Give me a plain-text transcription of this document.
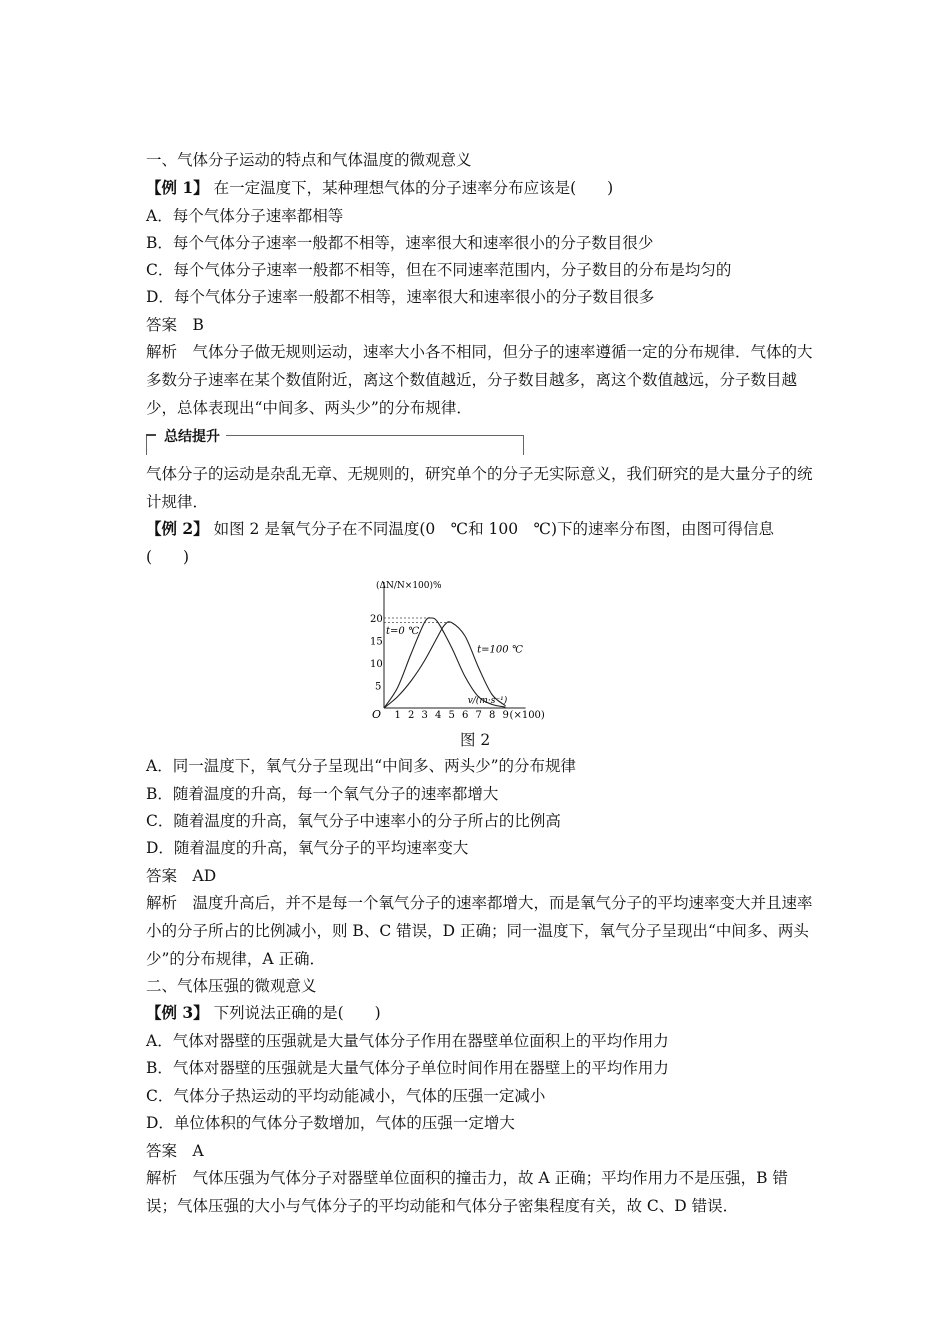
一、气体分子运动的特点和气体温度的微观意义
【例 1】 在一定温度下，某种理想气体的分子速率分布应该是(　　)
A．每个气体分子速率都相等
B．每个气体分子速率一般都不相等，速率很大和速率很小的分子数目很少
C．每个气体分子速率一般都不相等，但在不同速率范围内，分子数目的分布是均匀的
D．每个气体分子速率一般都不相等，速率很大和速率很小的分子数目很多
答案　 B
解析　 气体分子做无规则运动，速率大小各不相同，但分子的速率遵循一定的分布规律．气体的大多数分子速率在某个数值附近，离这个数值越近，分子数目越多，离这个数值越远，分子数目越少，总体表现出“中间多、两头少”的分布规律．
总结提升
气体分子的运动是杂乱无章、无规则的，研究单个的分子无实际意义，我们研究的是大量分子的统计规律．
【例 2】 如图 2 是氧气分子在不同温度(0　℃和 100　℃)下的速率分布图，由图可得信息(　　)
O
(ΔN/N×100)%
v/(m·s⁻¹)
1 2 3 4 5 6 7 8 9 (×100)
5
10
15
20
t=0 ℃
t=100 ℃
图 2
A．同一温度下，氧气分子呈现出“中间多、两头少”的分布规律
B．随着温度的升高，每一个氧气分子的速率都增大
C．随着温度的升高，氧气分子中速率小的分子所占的比例高
D．随着温度的升高，氧气分子的平均速率变大
答案　 AD
解析　 温度升高后，并不是每一个氧气分子的速率都增大，而是氧气分子的平均速率变大并且速率小的分子所占的比例减小，则 B、C 错误，D 正确；同一温度下，氧气分子呈现出“中间多、两头少”的分布规律，A 正确．
二、气体压强的微观意义
【例 3】 下列说法正确的是(　　)
A．气体对器壁的压强就是大量气体分子作用在器壁单位面积上的平均作用力
B．气体对器壁的压强就是大量气体分子单位时间作用在器壁上的平均作用力
C．气体分子热运动的平均动能减小，气体的压强一定减小
D．单位体积的气体分子数增加，气体的压强一定增大
答案　 A
解析　 气体压强为气体分子对器壁单位面积的撞击力，故 A 正确；平均作用力不是压强，B 错误；气体压强的大小与气体分子的平均动能和气体分子密集程度有关，故 C、D 错误．
